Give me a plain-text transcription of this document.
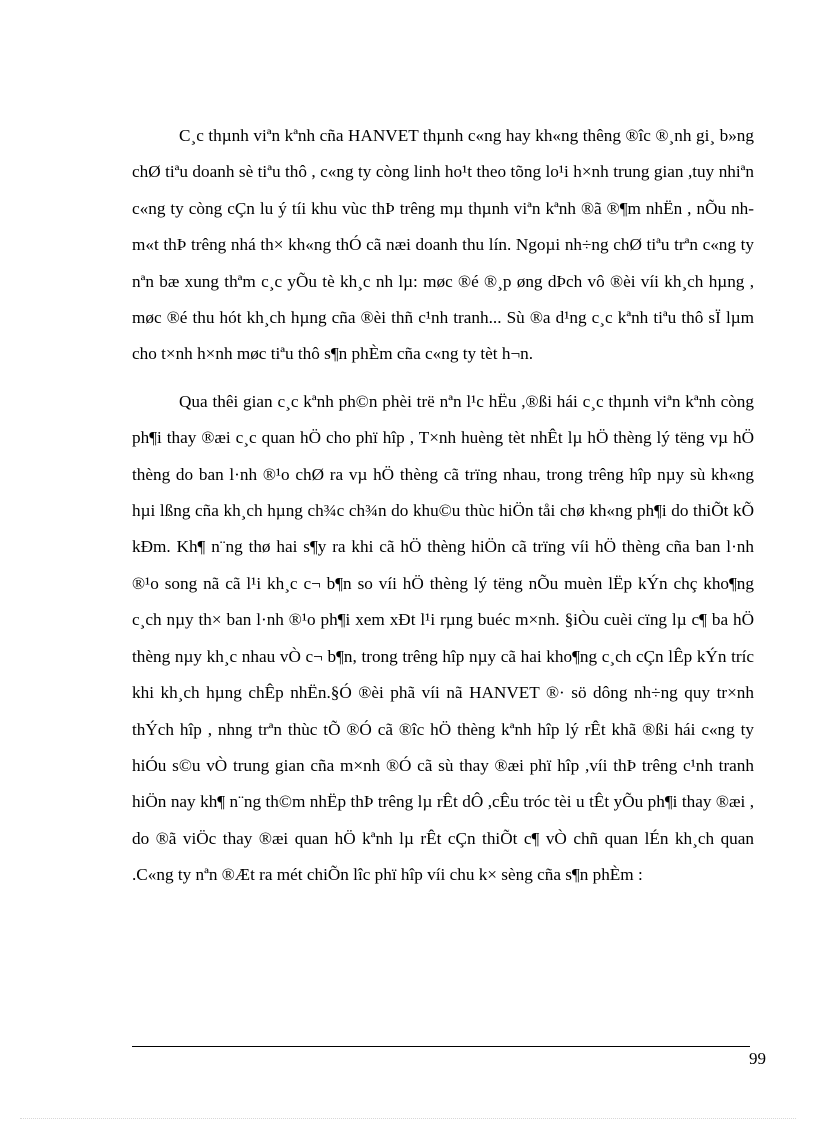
C¸c thµnh viªn kªnh cña HANVET thµnh c«ng hay kh«ng thêng ®îc ®¸nh gi¸ b»ng chØ tiªu doanh sè tiªu thô , c«ng ty còng linh ho¹t theo tõng lo¹i h×nh trung gian ,tuy nhiªn c«ng ty còng cÇn lu ý tíi khu vùc thÞ trêng mµ thµnh viªn kªnh ®ã ®¶m nhËn , nÕu nh m«t thÞ trêng nhá th× kh«ng thÓ cã næi doanh thu lín. Ngoµi nh÷ng chØ tiªu trªn c«ng ty nªn bæ xung thªm c¸c yÕu tè kh¸c nh lµ: møc ®é ®¸p øng dÞch vô ®èi víi kh¸ch hµng , møc ®é thu hót kh¸ch hµng cña ®èi thñ c¹nh tranh... Sù ®a d¹ng c¸c kªnh tiªu thô sÏ lµm cho t×nh h×nh møc tiªu thô s¶n phÈm cña c«ng ty tèt h¬n.

Qua thêi gian c¸c kªnh ph©n phèi trë nªn l¹c hËu ,®ßi hái c¸c thµnh viªn kªnh còng ph¶i thay ®æi c¸c quan hÖ cho phï hîp , T×nh huèng tèt nhÊt lµ hÖ thèng lý tëng vµ hÖ thèng do ban l·nh ®¹o chØ ra vµ hÖ thèng cã trïng nhau, trong trêng hîp nµy sù kh«ng hµi lßng cña kh¸ch hµng ch¾c ch¾n do khu©u thùc hiÖn tåi chø kh«ng ph¶i do thiÕt kÕ kÐm. Kh¶ n¨ng thø hai s¶y ra khi cã hÖ thèng hiÖn cã trïng víi hÖ thèng cña ban l·nh ®¹o song nã cã l¹i kh¸c c¬ b¶n so víi hÖ thèng lý tëng nÕu muèn lËp kÝn chç kho¶ng c¸ch nµy th× ban l·nh ®¹o ph¶i xem xÐt l¹i rµng buéc m×nh. §iÒu cuèi cïng lµ c¶ ba hÖ thèng nµy kh¸c nhau vÒ c¬ b¶n, trong trêng hîp nµy cã hai kho¶ng c¸ch cÇn lÊp kÝn tríc khi kh¸ch hµng chÊp nhËn.§Ó ®èi phã víi nã HANVET ®· sö dông nh÷ng quy tr×nh thÝch hîp , nhng trªn thùc tÕ ®Ó cã ®îc hÖ thèng kªnh hîp lý rÊt khã ®ßi hái c«ng ty hiÓu s©u vÒ trung gian cña m×nh ®Ó cã sù thay ®æi phï hîp ,víi thÞ trêng c¹nh tranh hiÖn nay kh¶ n¨ng th©m nhËp thÞ trêng lµ rÊt dÔ ,cÊu tróc tèi u tÊt yÕu ph¶i thay ®æi , do ®ã viÖc thay ®æi quan hÖ kªnh lµ rÊt cÇn thiÕt c¶ vÒ chñ quan lÉn kh¸ch quan .C«ng ty nªn ®Æt ra mét chiÕn lîc phï hîp víi chu k× sèng cña s¶n phÈm :

99
